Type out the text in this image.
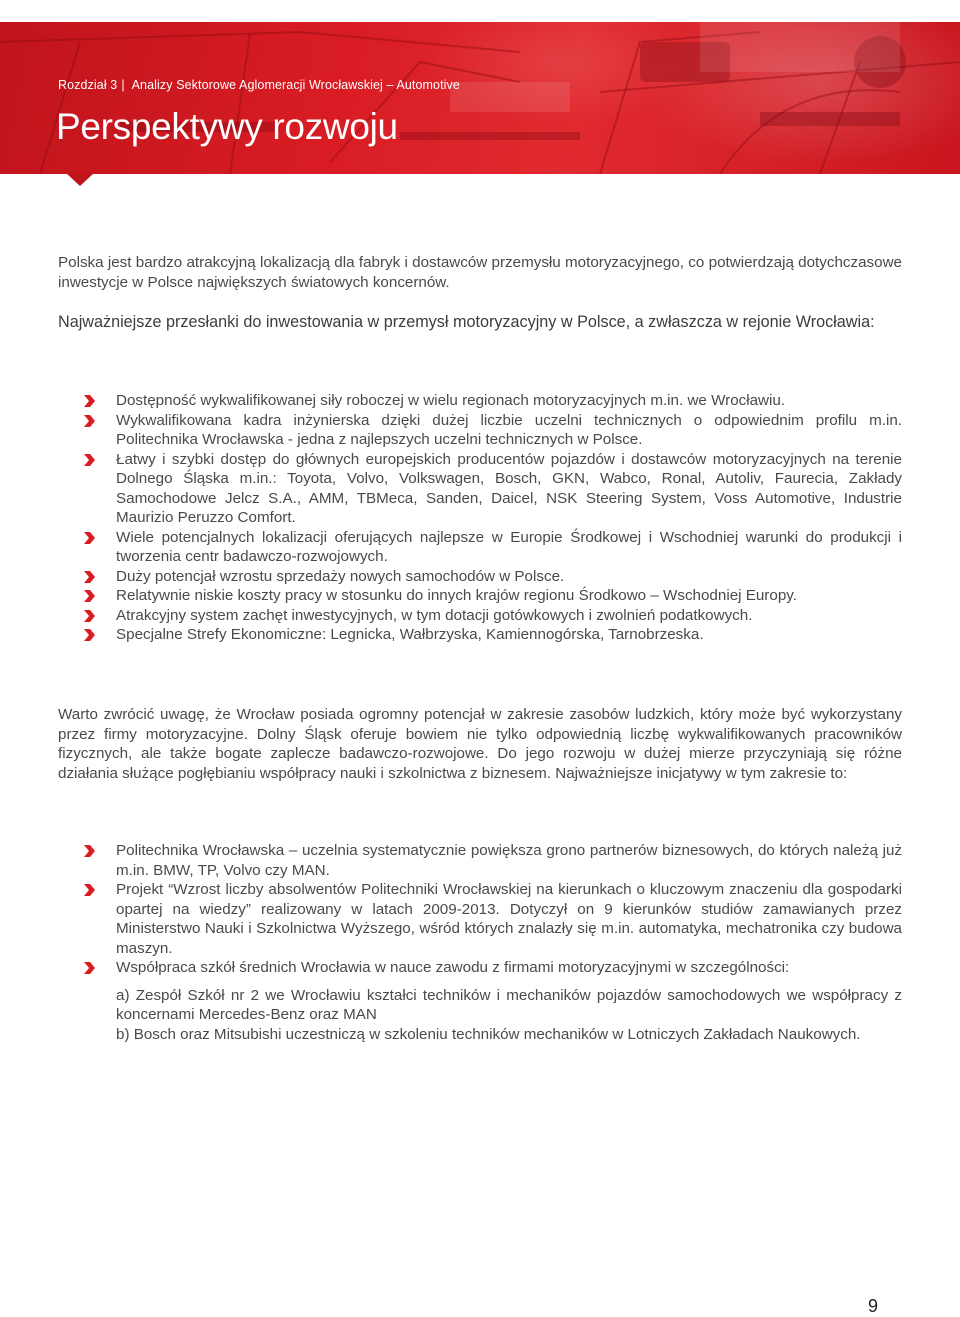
Rozdział 3 | Analizy Sektorowe Aglomeracji Wrocławskiej – Automotive
Perspektywy rozwoju

Polska jest bardzo atrakcyjną lokalizacją dla fabryk i dostawców przemysłu motoryzacyjnego, co potwierdzają dotychczasowe inwestycje w Polsce największych światowych koncernów.

Najważniejsze przesłanki do inwestowania w przemysł motoryzacyjny w Polsce, a zwłaszcza w rejonie Wrocławia:

Dostępność wykwalifikowanej siły roboczej w wielu regionach motoryzacyjnych m.in. we Wrocławiu.
Wykwalifikowana kadra inżynierska dzięki dużej liczbie uczelni technicznych o odpowiednim profilu m.in. Politechnika Wrocławska - jedna z najlepszych uczelni technicznych w Polsce.
Łatwy i szybki dostęp do głównych europejskich producentów pojazdów i dostawców motoryzacyjnych na terenie Dolnego Śląska m.in.: Toyota, Volvo, Volkswagen, Bosch, GKN, Wabco, Ronal, Autoliv, Faurecia, Zakłady Samochodowe Jelcz S.A., AMM, TBMeca, Sanden, Daicel, NSK Steering System, Voss Automotive, Industrie Maurizio Peruzzo Comfort.
Wiele potencjalnych lokalizacji oferujących najlepsze w Europie Środkowej i Wschodniej warunki do produkcji i tworzenia centr badawczo-rozwojowych.
Duży potencjał wzrostu sprzedaży nowych samochodów w Polsce.
Relatywnie niskie koszty pracy w stosunku do innych krajów regionu Środkowo – Wschodniej Europy.
Atrakcyjny system zachęt inwestycyjnych, w tym dotacji gotówkowych i zwolnień podatkowych.
Specjalne Strefy Ekonomiczne: Legnicka, Wałbrzyska, Kamiennogórska, Tarnobrzeska.

Warto zwrócić uwagę, że Wrocław posiada ogromny potencjał w zakresie zasobów ludzkich, który może być wykorzystany przez firmy motoryzacyjne. Dolny Śląsk oferuje bowiem nie tylko odpowiednią liczbę wykwalifikowanych pracowników fizycznych, ale także bogate zaplecze badawczo-rozwojowe. Do jego rozwoju w dużej mierze przyczyniają się różne działania służące pogłębianiu współpracy nauki i szkolnictwa z biznesem. Najważniejsze inicjatywy w tym zakresie to:

Politechnika Wrocławska – uczelnia systematycznie powiększa grono partnerów biznesowych, do których należą już m.in. BMW, TP, Volvo czy MAN.
Projekt “Wzrost liczby absolwentów Politechniki Wrocławskiej na kierunkach o kluczowym znaczeniu dla gospodarki opartej na wiedzy” realizowany w latach 2009-2013. Dotyczył on 9 kierunków studiów zamawianych przez Ministerstwo Nauki i Szkolnictwa Wyższego, wśród których znalazły się m.in. automatyka, mechatronika czy budowa maszyn.
Współpraca szkół średnich Wrocławia w nauce zawodu z firmami motoryzacyjnymi w szczególności:
a) Zespół Szkół nr 2 we Wrocławiu kształci techników i mechaników pojazdów samochodowych we współpracy z koncernami Mercedes-Benz oraz MAN
b) Bosch oraz Mitsubishi uczestniczą w szkoleniu techników mechaników w Lotniczych Zakładach Naukowych.
9
